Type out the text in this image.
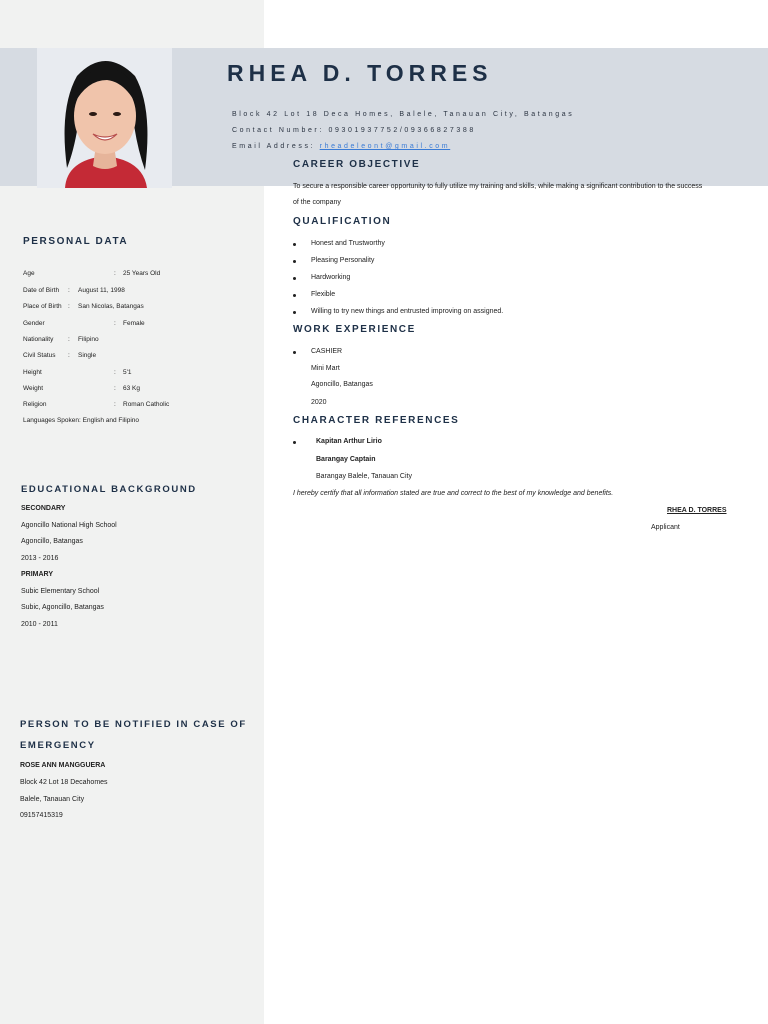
RHEA D. TORRES
Block 42 Lot 18 Deca Homes, Balele, Tanauan City, Batangas
Contact Number: 09301937752/09366827388
Email Address: rheadeleont@gmail.com
PERSONAL DATA
Age	: 25 Years Old
Date of Birth : August 11, 1998
Place of Birth : San Nicolas, Batangas
Gender	: Female
Nationality : Filipino
Civil Status : Single
Height	: 5'1
Weight	: 63 Kg
Religion	: Roman Catholic
Languages Spoken: English and Filipino
EDUCATIONAL BACKGROUND
SECONDARY
Agoncillo National High School
Agoncillo, Batangas
2013 - 2016
PRIMARY
Subic Elementary School
Subic, Agoncillo, Batangas
2010 - 2011
PERSON TO BE NOTIFIED IN CASE OF
EMERGENCY
ROSE ANN MANGGUERA
Block 42 Lot 18 Decahomes
Balele, Tanauan City
09157415319
CAREER OBJECTIVE
To secure a responsible career opportunity to fully utilize my training and skills, while making a significant contribution to the success
of the company
QUALIFICATION
Honest and Trustworthy
Pleasing Personality
Hardworking
Flexible
Willing to try new things and entrusted improving on assigned.
WORK EXPERIENCE
CASHIER
Mini Mart
Agoncillo, Batangas
2020
CHARACTER REFERENCES
Kapitan Arthur Lirio
Barangay Captain
Barangay Balele, Tanauan City
I hereby certify that all information stated are true and correct to the best of my knowledge and benefits.
RHEA D. TORRES
Applicant
